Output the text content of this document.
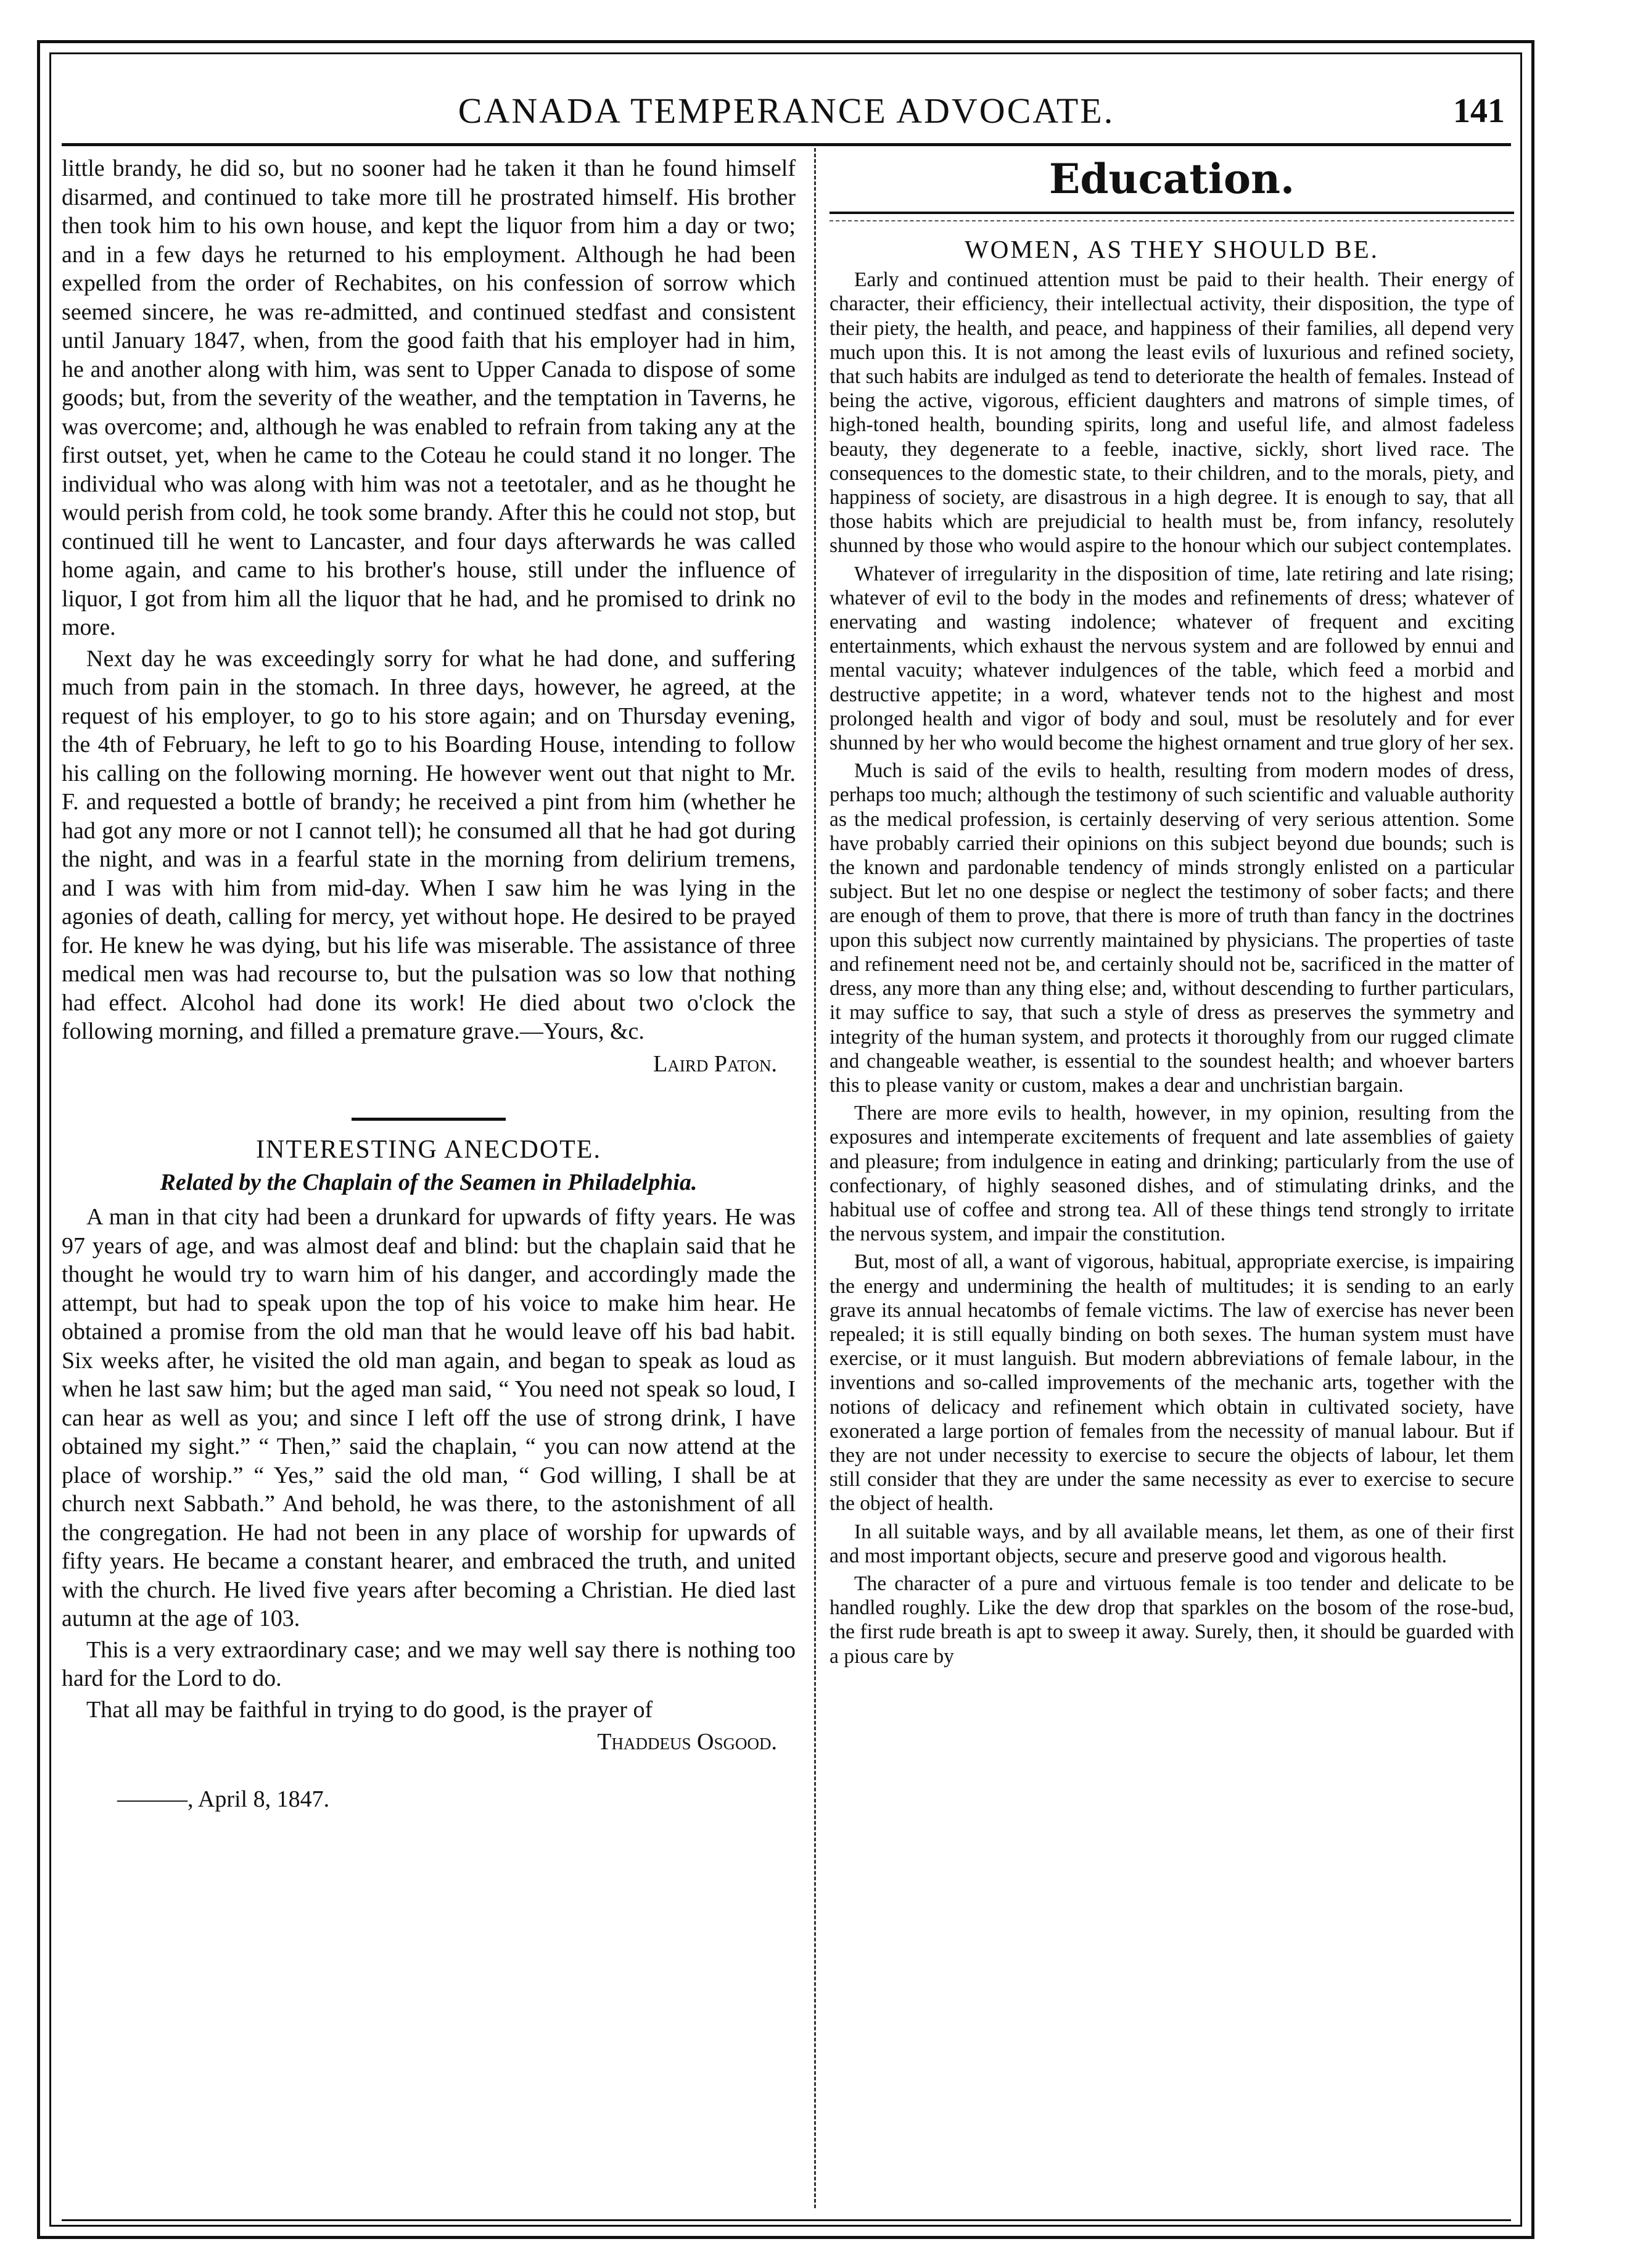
CANADA TEMPERANCE ADVOCATE.	141

little brandy, he did so, but no sooner had he taken it than he found himself disarmed, and continued to take more till he prostrated himself. His brother then took him to his own house, and kept the liquor from him a day or two; and in a few days he returned to his employment. Although he had been expelled from the order of Rechabites, on his confession of sorrow which seemed sincere, he was re-admitted, and continued stedfast and consistent until January 1847, when, from the good faith that his employer had in him, he and another along with him, was sent to Upper Canada to dispose of some goods; but, from the severity of the weather, and the temptation in Taverns, he was overcome; and, although he was enabled to refrain from taking any at the first outset, yet, when he came to the Coteau he could stand it no longer. The individual who was along with him was not a teetotaler, and as he thought he would perish from cold, he took some brandy. After this he could not stop, but continued till he went to Lancaster, and four days afterwards he was called home again, and came to his brother's house, still under the influence of liquor, I got from him all the liquor that he had, and he promised to drink no more.

Next day he was exceedingly sorry for what he had done, and suffering much from pain in the stomach. In three days, however, he agreed, at the request of his employer, to go to his store again; and on Thursday evening, the 4th of February, he left to go to his Boarding House, intending to follow his calling on the following morning. He however went out that night to Mr. F. and requested a bottle of brandy; he received a pint from him (whether he had got any more or not I cannot tell); he consumed all that he had got during the night, and was in a fearful state in the morning from delirium tremens, and I was with him from mid-day. When I saw him he was lying in the agonies of death, calling for mercy, yet without hope. He desired to be prayed for. He knew he was dying, but his life was miserable. The assistance of three medical men was had recourse to, but the pulsation was so low that nothing had effect. Alcohol had done its work! He died about two o'clock the following morning, and filled a premature grave.—Yours, &c.

Laird Paton.
INTERESTING ANECDOTE.
Related by the Chaplain of the Seamen in Philadelphia.

A man in that city had been a drunkard for upwards of fifty years. He was 97 years of age, and was almost deaf and blind: but the chaplain said that he thought he would try to warn him of his danger, and accordingly made the attempt, but had to speak upon the top of his voice to make him hear. He obtained a promise from the old man that he would leave off his bad habit. Six weeks after, he visited the old man again, and began to speak as loud as when he last saw him; but the aged man said, “ You need not speak so loud, I can hear as well as you; and since I left off the use of strong drink, I have obtained my sight.” “ Then,” said the chaplain, “ you can now attend at the place of worship.” “ Yes,” said the old man, “ God willing, I shall be at church next Sabbath.” And behold, he was there, to the astonishment of all the congregation. He had not been in any place of worship for upwards of fifty years. He became a constant hearer, and embraced the truth, and united with the church. He lived five years after becoming a Christian. He died last autumn at the age of 103.

This is a very extraordinary case; and we may well say there is nothing too hard for the Lord to do.

That all may be faithful in trying to do good, is the prayer of

Thaddeus Osgood.
———, April 8, 1847.
Education.
WOMEN, AS THEY SHOULD BE.

Early and continued attention must be paid to their health. Their energy of character, their efficiency, their intellectual activity, their disposition, the type of their piety, the health, and peace, and happiness of their families, all depend very much upon this. It is not among the least evils of luxurious and refined society, that such habits are indulged as tend to deteriorate the health of females. Instead of being the active, vigorous, efficient daughters and matrons of simple times, of high-toned health, bounding spirits, long and useful life, and almost fadeless beauty, they degenerate to a feeble, inactive, sickly, short lived race. The consequences to the domestic state, to their children, and to the morals, piety, and happiness of society, are disastrous in a high degree. It is enough to say, that all those habits which are prejudicial to health must be, from infancy, resolutely shunned by those who would aspire to the honour which our subject contemplates.

Whatever of irregularity in the disposition of time, late retiring and late rising; whatever of evil to the body in the modes and refinements of dress; whatever of enervating and wasting indolence; whatever of frequent and exciting entertainments, which exhaust the nervous system and are followed by ennui and mental vacuity; whatever indulgences of the table, which feed a morbid and destructive appetite; in a word, whatever tends not to the highest and most prolonged health and vigor of body and soul, must be resolutely and for ever shunned by her who would become the highest ornament and true glory of her sex.

Much is said of the evils to health, resulting from modern modes of dress, perhaps too much; although the testimony of such scientific and valuable authority as the medical profession, is certainly deserving of very serious attention. Some have probably carried their opinions on this subject beyond due bounds; such is the known and pardonable tendency of minds strongly enlisted on a particular subject. But let no one despise or neglect the testimony of sober facts; and there are enough of them to prove, that there is more of truth than fancy in the doctrines upon this subject now currently maintained by physicians. The properties of taste and refinement need not be, and certainly should not be, sacrificed in the matter of dress, any more than any thing else; and, without descending to further particulars, it may suffice to say, that such a style of dress as preserves the symmetry and integrity of the human system, and protects it thoroughly from our rugged climate and changeable weather, is essential to the soundest health; and whoever barters this to please vanity or custom, makes a dear and unchristian bargain.

There are more evils to health, however, in my opinion, resulting from the exposures and intemperate excitements of frequent and late assemblies of gaiety and pleasure; from indulgence in eating and drinking; particularly from the use of confectionary, of highly seasoned dishes, and of stimulating drinks, and the habitual use of coffee and strong tea. All of these things tend strongly to irritate the nervous system, and impair the constitution.

But, most of all, a want of vigorous, habitual, appropriate exercise, is impairing the energy and undermining the health of multitudes; it is sending to an early grave its annual hecatombs of female victims. The law of exercise has never been repealed; it is still equally binding on both sexes. The human system must have exercise, or it must languish. But modern abbreviations of female labour, in the inventions and so-called improvements of the mechanic arts, together with the notions of delicacy and refinement which obtain in cultivated society, have exonerated a large portion of females from the necessity of manual labour. But if they are not under necessity to exercise to secure the objects of labour, let them still consider that they are under the same necessity as ever to exercise to secure the object of health.

In all suitable ways, and by all available means, let them, as one of their first and most important objects, secure and preserve good and vigorous health.

The character of a pure and virtuous female is too tender and delicate to be handled roughly. Like the dew drop that sparkles on the bosom of the rose-bud, the first rude breath is apt to sweep it away. Surely, then, it should be guarded with a pious care by
